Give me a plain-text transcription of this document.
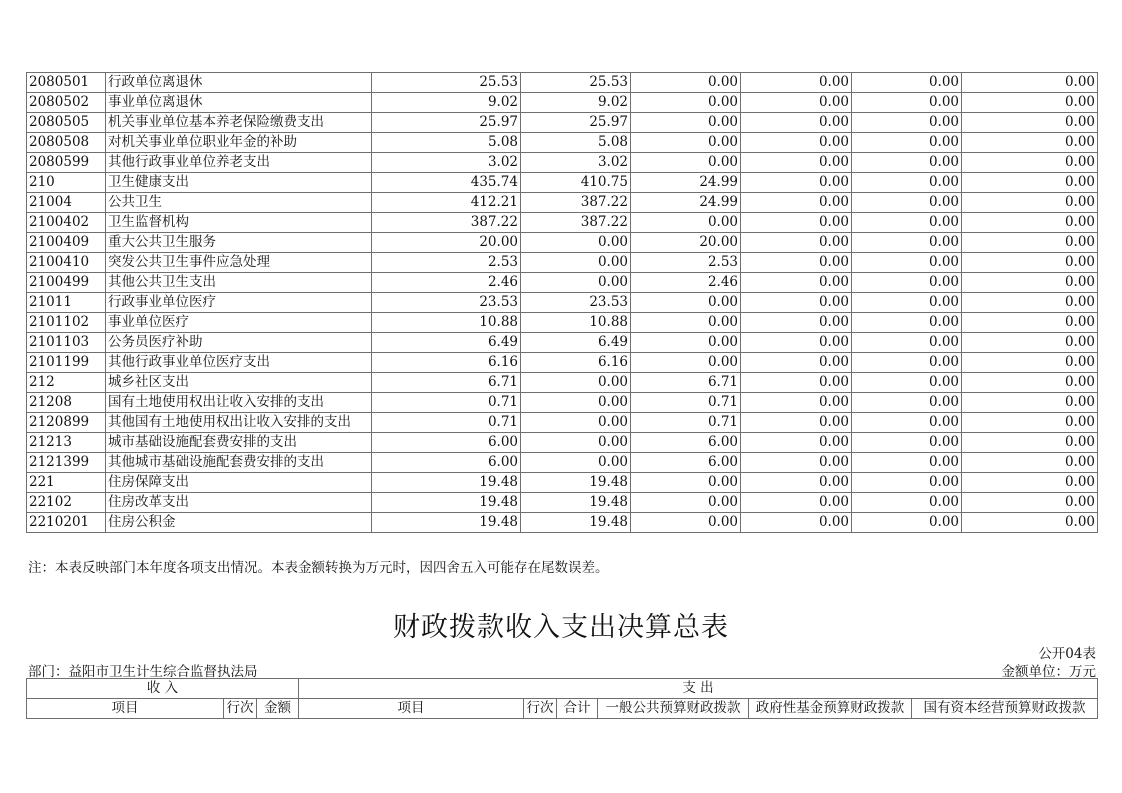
2080501	行政单位离退休	25.53	25.53	0.00	0.00	0.00	0.00
2080502	事业单位离退休	9.02	9.02	0.00	0.00	0.00	0.00
2080505	机关事业单位基本养老保险缴费支出	25.97	25.97	0.00	0.00	0.00	0.00
2080508	对机关事业单位职业年金的补助	5.08	5.08	0.00	0.00	0.00	0.00
2080599	其他行政事业单位养老支出	3.02	3.02	0.00	0.00	0.00	0.00
210	卫生健康支出	435.74	410.75	24.99	0.00	0.00	0.00
21004	公共卫生	412.21	387.22	24.99	0.00	0.00	0.00
2100402	卫生监督机构	387.22	387.22	0.00	0.00	0.00	0.00
2100409	重大公共卫生服务	20.00	0.00	20.00	0.00	0.00	0.00
2100410	突发公共卫生事件应急处理	2.53	0.00	2.53	0.00	0.00	0.00
2100499	其他公共卫生支出	2.46	0.00	2.46	0.00	0.00	0.00
21011	行政事业单位医疗	23.53	23.53	0.00	0.00	0.00	0.00
2101102	事业单位医疗	10.88	10.88	0.00	0.00	0.00	0.00
2101103	公务员医疗补助	6.49	6.49	0.00	0.00	0.00	0.00
2101199	其他行政事业单位医疗支出	6.16	6.16	0.00	0.00	0.00	0.00
212	城乡社区支出	6.71	0.00	6.71	0.00	0.00	0.00
21208	国有土地使用权出让收入安排的支出	0.71	0.00	0.71	0.00	0.00	0.00
2120899	其他国有土地使用权出让收入安排的支出	0.71	0.00	0.71	0.00	0.00	0.00
21213	城市基础设施配套费安排的支出	6.00	0.00	6.00	0.00	0.00	0.00
2121399	其他城市基础设施配套费安排的支出	6.00	0.00	6.00	0.00	0.00	0.00
221	住房保障支出	19.48	19.48	0.00	0.00	0.00	0.00
22102	住房改革支出	19.48	19.48	0.00	0.00	0.00	0.00
2210201	住房公积金	19.48	19.48	0.00	0.00	0.00	0.00
注：本表反映部门本年度各项支出情况。本表金额转换为万元时，因四舍五入可能存在尾数误差。
财政拨款收入支出决算总表
公开04表
部门：益阳市卫生计生综合监督执法局	金额单位：万元
收 入			支 出					
项目	行次	金额	项目	行次	合计	一般公共预算财政拨款	政府性基金预算财政拨款	国有资本经营预算财政拨款
